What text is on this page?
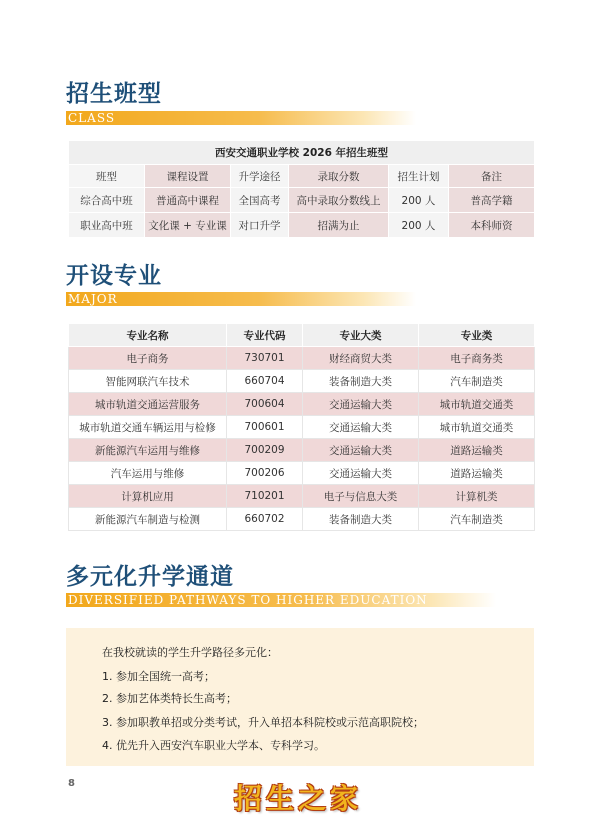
招生班型
CLASS
西安交通职业学校 2026 年招生班型					
班型	课程设置	升学途径	录取分数	招生计划	备注
综合高中班	普通高中课程	全国高考	高中录取分数线上	200 人	普高学籍
职业高中班	文化课 + 专业课	对口升学	招满为止	200 人	本科师资
开设专业
MAJOR
专业名称	专业代码	专业大类	专业类
电子商务	730701	财经商贸大类	电子商务类
智能网联汽车技术	660704	装备制造大类	汽车制造类
城市轨道交通运营服务	700604	交通运输大类	城市轨道交通类
城市轨道交通车辆运用与检修	700601	交通运输大类	城市轨道交通类
新能源汽车运用与维修	700209	交通运输大类	道路运输类
汽车运用与维修	700206	交通运输大类	道路运输类
计算机应用	710201	电子与信息大类	计算机类
新能源汽车制造与检测	660702	装备制造大类	汽车制造类
多元化升学通道
DIVERSIFIED PATHWAYS TO HIGHER EDUCATION
在我校就读的学生升学路径多元化：
1. 参加全国统一高考；
2. 参加艺体类特长生高考；
3. 参加职教单招或分类考试，升入单招本科院校或示范高职院校；
4. 优先升入西安汽车职业大学本、专科学习。
8	招生之家
